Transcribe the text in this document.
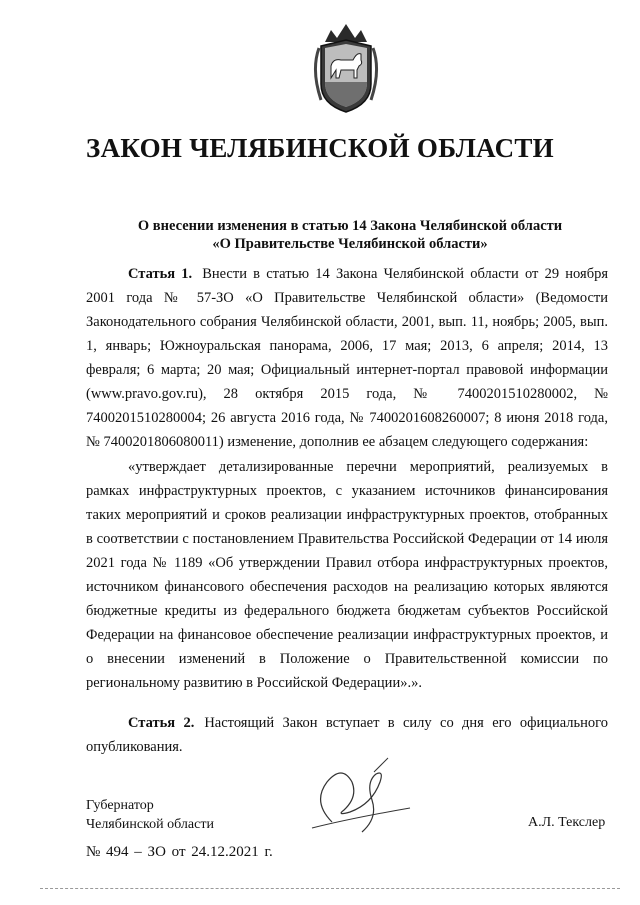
ЗАКОН ЧЕЛЯБИНСКОЙ ОБЛАСТИ
О внесении изменения в статью 14 Закона Челябинской области
«О Правительстве Челябинской области»

Статья 1. Внести в статью 14 Закона Челябинской области от 29 ноября 2001 года № 57-ЗО «О Правительстве Челябинской области» (Ведомости Законодательного собрания Челябинской области, 2001, вып. 11, ноябрь; 2005, вып. 1, январь; Южноуральская панорама, 2006, 17 мая; 2013, 6 апреля; 2014, 13 февраля; 6 марта; 20 мая; Официальный интернет-портал правовой информации (www.pravo.gov.ru), 28 октября 2015 года, № 7400201510280002, № 7400201510280004; 26 августа 2016 года, № 7400201608260007; 8 июня 2018 года, № 7400201806080011) изменение, дополнив ее абзацем следующего содержания:

«утверждает детализированные перечни мероприятий, реализуемых в рамках инфраструктурных проектов, с указанием источников финансирования таких мероприятий и сроков реализации инфраструктурных проектов, отобранных в соответствии с постановлением Правительства Российской Федерации от 14 июля 2021 года № 1189 «Об утверждении Правил отбора инфраструктурных проектов, источником финансового обеспечения расходов на реализацию которых являются бюджетные кредиты из федерального бюджета бюджетам субъектов Российской Федерации на финансовое обеспечение реализации инфраструктурных проектов, и о внесении изменений в Положение о Правительственной комиссии по региональному развитию в Российской Федерации».».

Статья 2. Настоящий Закон вступает в силу со дня его официального опубликования.

Губернатор
Челябинской области	А.Л. Текслер
№ 494 – ЗО от 24.12.2021 г.
